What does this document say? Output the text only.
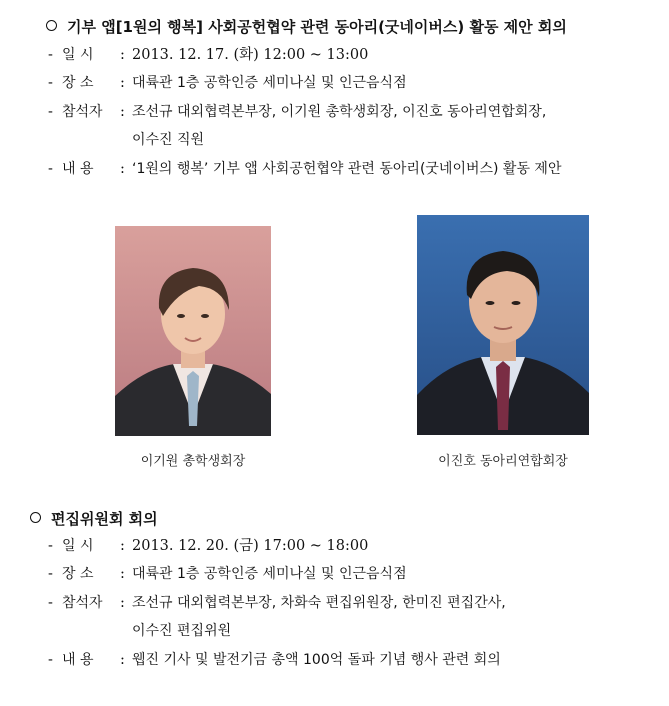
기부 앱[1원의 행복] 사회공헌협약 관련 동아리(굿네이버스) 활동 제안 회의
- 일 시 : 2013. 12. 17. (화) 12:00 ~ 13:00
- 장 소 : 대륙관 1층 공학인증 세미나실 및 인근음식점
- 참석자 : 조선규 대외협력본부장, 이기원 총학생회장, 이진호 동아리연합회장,
이수진 직원
- 내 용 : ‘1원의 행복’ 기부 앱 사회공헌협약 관련 동아리(굿네이버스) 활동 제안
이기원 총학생회장	이진호 동아리연합회장
편집위원회 회의
- 일 시 : 2013. 12. 20. (금) 17:00 ~ 18:00
- 장 소 : 대륙관 1층 공학인증 세미나실 및 인근음식점
- 참석자 : 조선규 대외협력본부장, 차화숙 편집위원장, 한미진 편집간사,
이수진 편집위원
- 내 용 : 웹진 기사 및 발전기금 총액 100억 돌파 기념 행사 관련 회의
